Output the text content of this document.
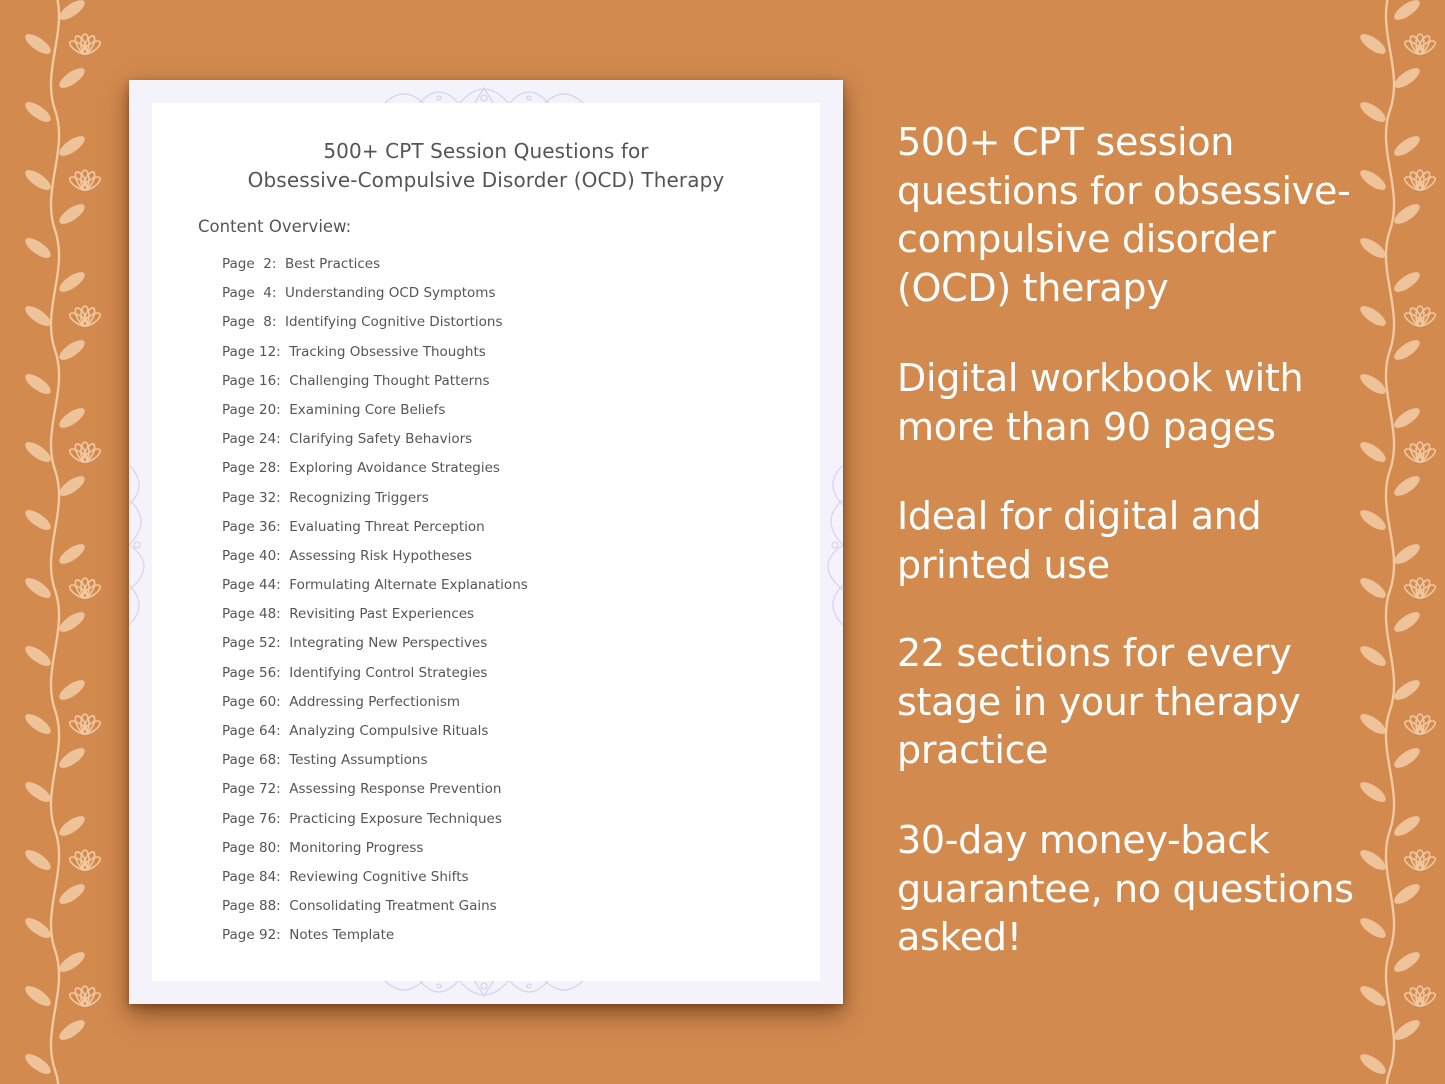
500+ CPT Session Questions for
Obsessive-Compulsive Disorder (OCD) Therapy
Content Overview:
Page  2:  Best Practices
Page  4:  Understanding OCD Symptoms
Page  8:  Identifying Cognitive Distortions
Page 12:  Tracking Obsessive Thoughts
Page 16:  Challenging Thought Patterns
Page 20:  Examining Core Beliefs
Page 24:  Clarifying Safety Behaviors
Page 28:  Exploring Avoidance Strategies
Page 32:  Recognizing Triggers
Page 36:  Evaluating Threat Perception
Page 40:  Assessing Risk Hypotheses
Page 44:  Formulating Alternate Explanations
Page 48:  Revisiting Past Experiences
Page 52:  Integrating New Perspectives
Page 56:  Identifying Control Strategies
Page 60:  Addressing Perfectionism
Page 64:  Analyzing Compulsive Rituals
Page 68:  Testing Assumptions
Page 72:  Assessing Response Prevention
Page 76:  Practicing Exposure Techniques
Page 80:  Monitoring Progress
Page 84:  Reviewing Cognitive Shifts
Page 88:  Consolidating Treatment Gains
Page 92:  Notes Template
500+ CPT session questions for obsessive-compulsive disorder (OCD) therapy
Digital workbook with more than 90 pages
Ideal for digital and printed use
22 sections for every stage in your therapy practice
30-day money-back guarantee, no questions asked!
